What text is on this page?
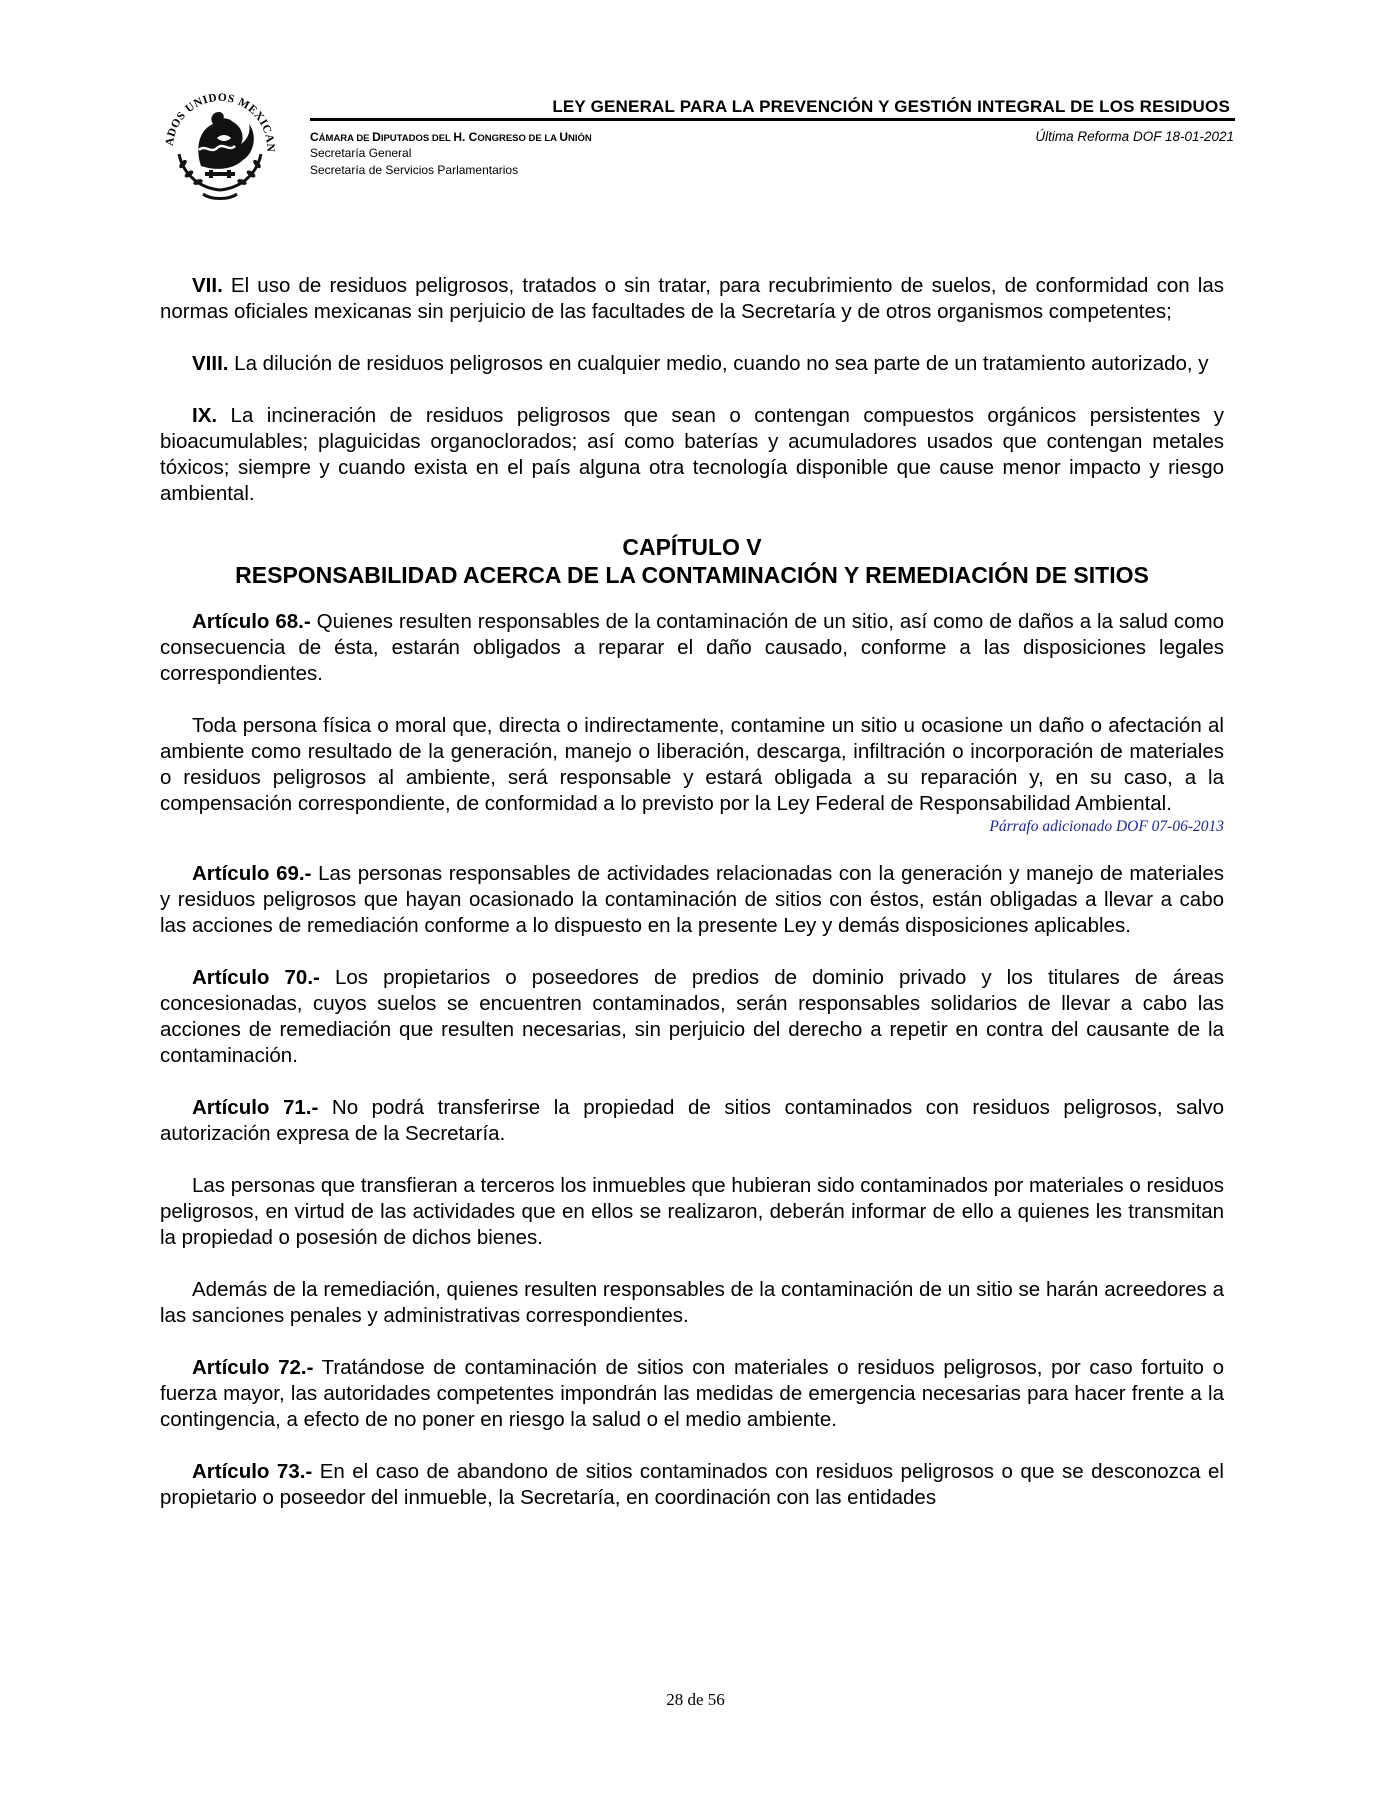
ADOS UNIDOS MEXICAN
LEY GENERAL PARA LA PREVENCIÓN Y GESTIÓN INTEGRAL DE LOS RESIDUOS
CÁMARA DE DIPUTADOS DEL H. CONGRESO DE LA UNIÓN	Última Reforma DOF 18-01-2021
Secretaría General
Secretaría de Servicios Parlamentarios

VII. El uso de residuos peligrosos, tratados o sin tratar, para recubrimiento de suelos, de conformidad con las normas oficiales mexicanas sin perjuicio de las facultades de la Secretaría y de otros organismos competentes;

VIII. La dilución de residuos peligrosos en cualquier medio, cuando no sea parte de un tratamiento autorizado, y

IX. La incineración de residuos peligrosos que sean o contengan compuestos orgánicos persistentes y bioacumulables; plaguicidas organoclorados; así como baterías y acumuladores usados que contengan metales tóxicos; siempre y cuando exista en el país alguna otra tecnología disponible que cause menor impacto y riesgo ambiental.

CAPÍTULO V
RESPONSABILIDAD ACERCA DE LA CONTAMINACIÓN Y REMEDIACIÓN DE SITIOS

Artículo 68.- Quienes resulten responsables de la contaminación de un sitio, así como de daños a la salud como consecuencia de ésta, estarán obligados a reparar el daño causado, conforme a las disposiciones legales correspondientes.

Toda persona física o moral que, directa o indirectamente, contamine un sitio u ocasione un daño o afectación al ambiente como resultado de la generación, manejo o liberación, descarga, infiltración o incorporación de materiales o residuos peligrosos al ambiente, será responsable y estará obligada a su reparación y, en su caso, a la compensación correspondiente, de conformidad a lo previsto por la Ley Federal de Responsabilidad Ambiental.

Párrafo adicionado DOF 07-06-2013

Artículo 69.- Las personas responsables de actividades relacionadas con la generación y manejo de materiales y residuos peligrosos que hayan ocasionado la contaminación de sitios con éstos, están obligadas a llevar a cabo las acciones de remediación conforme a lo dispuesto en la presente Ley y demás disposiciones aplicables.

Artículo 70.- Los propietarios o poseedores de predios de dominio privado y los titulares de áreas concesionadas, cuyos suelos se encuentren contaminados, serán responsables solidarios de llevar a cabo las acciones de remediación que resulten necesarias, sin perjuicio del derecho a repetir en contra del causante de la contaminación.

Artículo 71.- No podrá transferirse la propiedad de sitios contaminados con residuos peligrosos, salvo autorización expresa de la Secretaría.

Las personas que transfieran a terceros los inmuebles que hubieran sido contaminados por materiales o residuos peligrosos, en virtud de las actividades que en ellos se realizaron, deberán informar de ello a quienes les transmitan la propiedad o posesión de dichos bienes.

Además de la remediación, quienes resulten responsables de la contaminación de un sitio se harán acreedores a las sanciones penales y administrativas correspondientes.

Artículo 72.- Tratándose de contaminación de sitios con materiales o residuos peligrosos, por caso fortuito o fuerza mayor, las autoridades competentes impondrán las medidas de emergencia necesarias para hacer frente a la contingencia, a efecto de no poner en riesgo la salud o el medio ambiente.

Artículo 73.- En el caso de abandono de sitios contaminados con residuos peligrosos o que se desconozca el propietario o poseedor del inmueble, la Secretaría, en coordinación con las entidades

28 de 56
